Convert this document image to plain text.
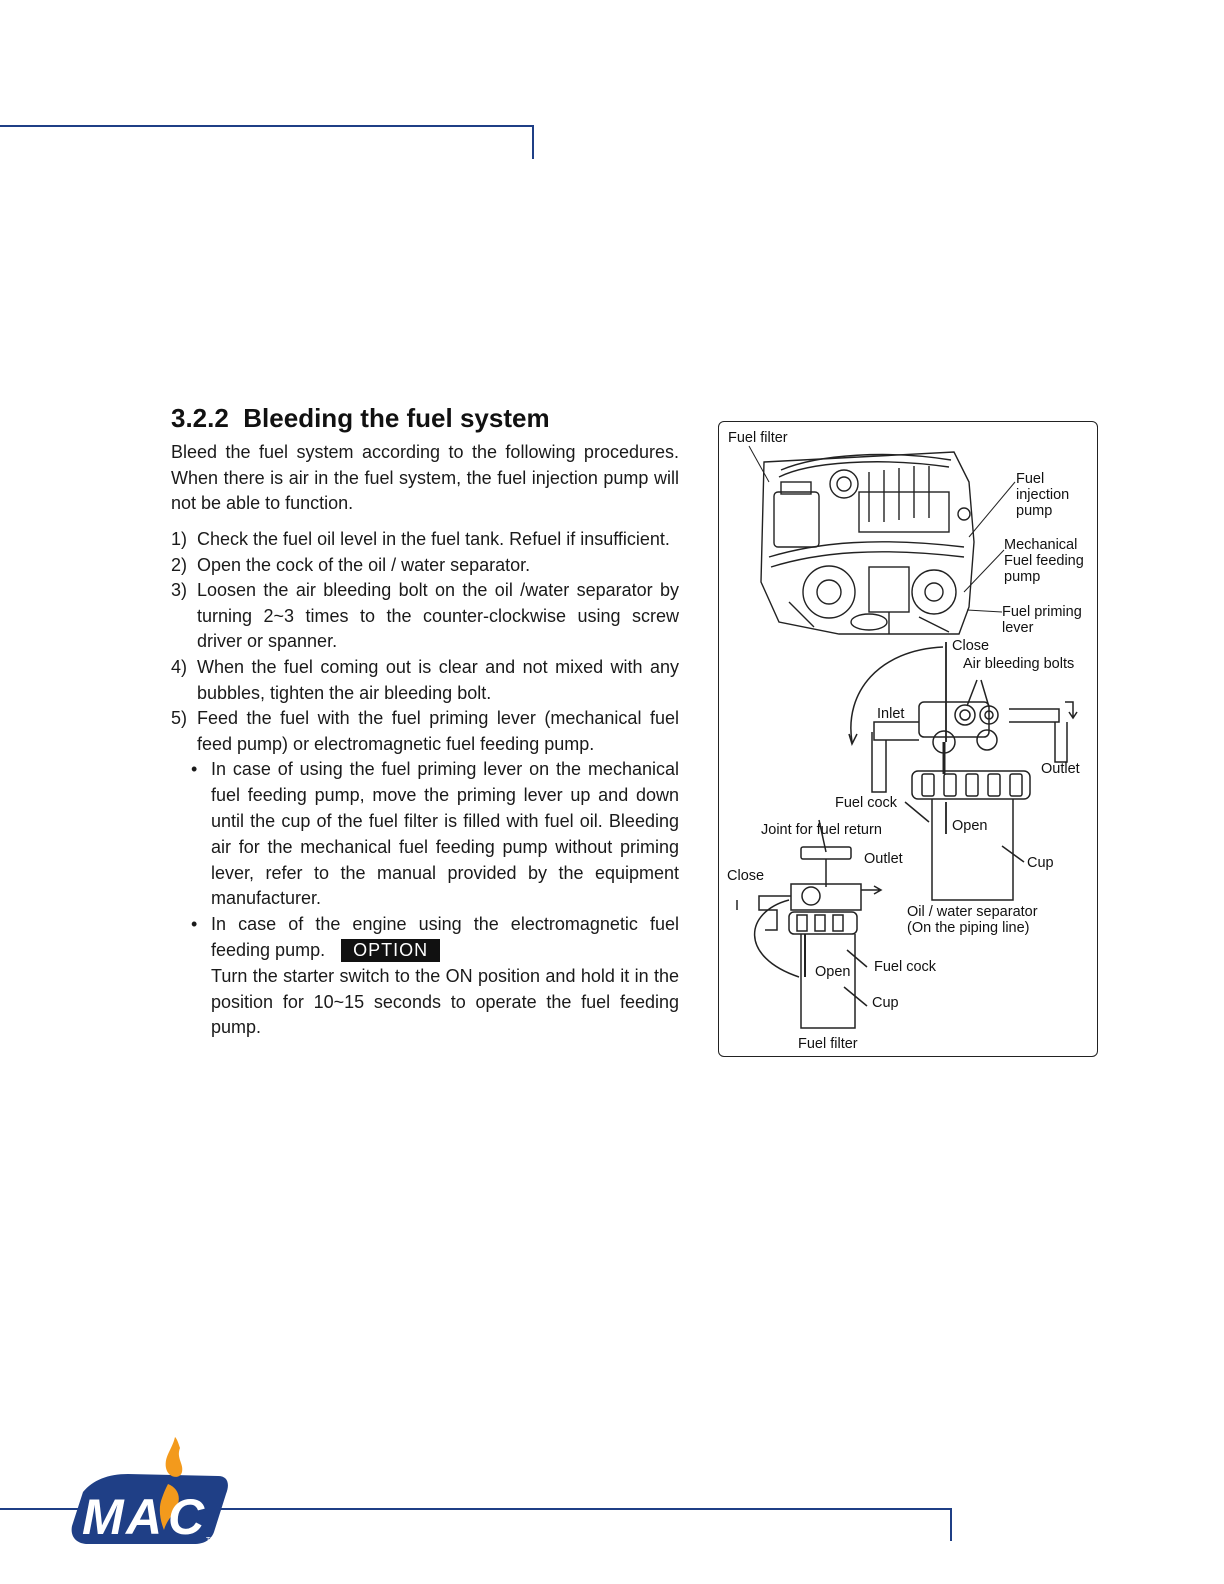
3.2.2 Bleeding the fuel system
Bleed the fuel system according to the following procedures. When there is air in the fuel system, the fuel injection pump will not be able to function.
1) Check the fuel oil level in the fuel tank. Refuel if insufficient.
2) Open the cock of the oil / water separator.
3) Loosen the air bleeding bolt on the oil /water separator by turning 2~3 times to the counter-clockwise using screw driver or spanner.
4) When the fuel coming out is clear and not mixed with any bubbles, tighten the air bleeding bolt.
5) Feed the fuel with the fuel priming lever (mechanical fuel feed pump) or electromagnetic fuel feeding pump.
• In case of using the fuel priming lever on the mechanical fuel feeding pump, move the priming lever up and down until the cup of the fuel filter is filled with fuel oil. Bleeding air for the mechanical fuel feeding pump without priming lever, refer to the manual provided by the equipment manufacturer.
• In case of the engine using the electromagnetic fuel feeding pump. OPTION
Turn the starter switch to the ON position and hold it in the position for 10~15 seconds to operate the fuel feeding pump.
Fuel filter
Fuel
injection
pump
Mechanical
Fuel feeding
pump
Fuel priming
lever
Close
Air bleeding bolts
Inlet
Outlet
Fuel cock
Open
Joint for fuel return
Outlet	Cup
Close
Oil / water separator
(On the piping line)
Open Fuel cock
Cup
Fuel filter
M A C TM
